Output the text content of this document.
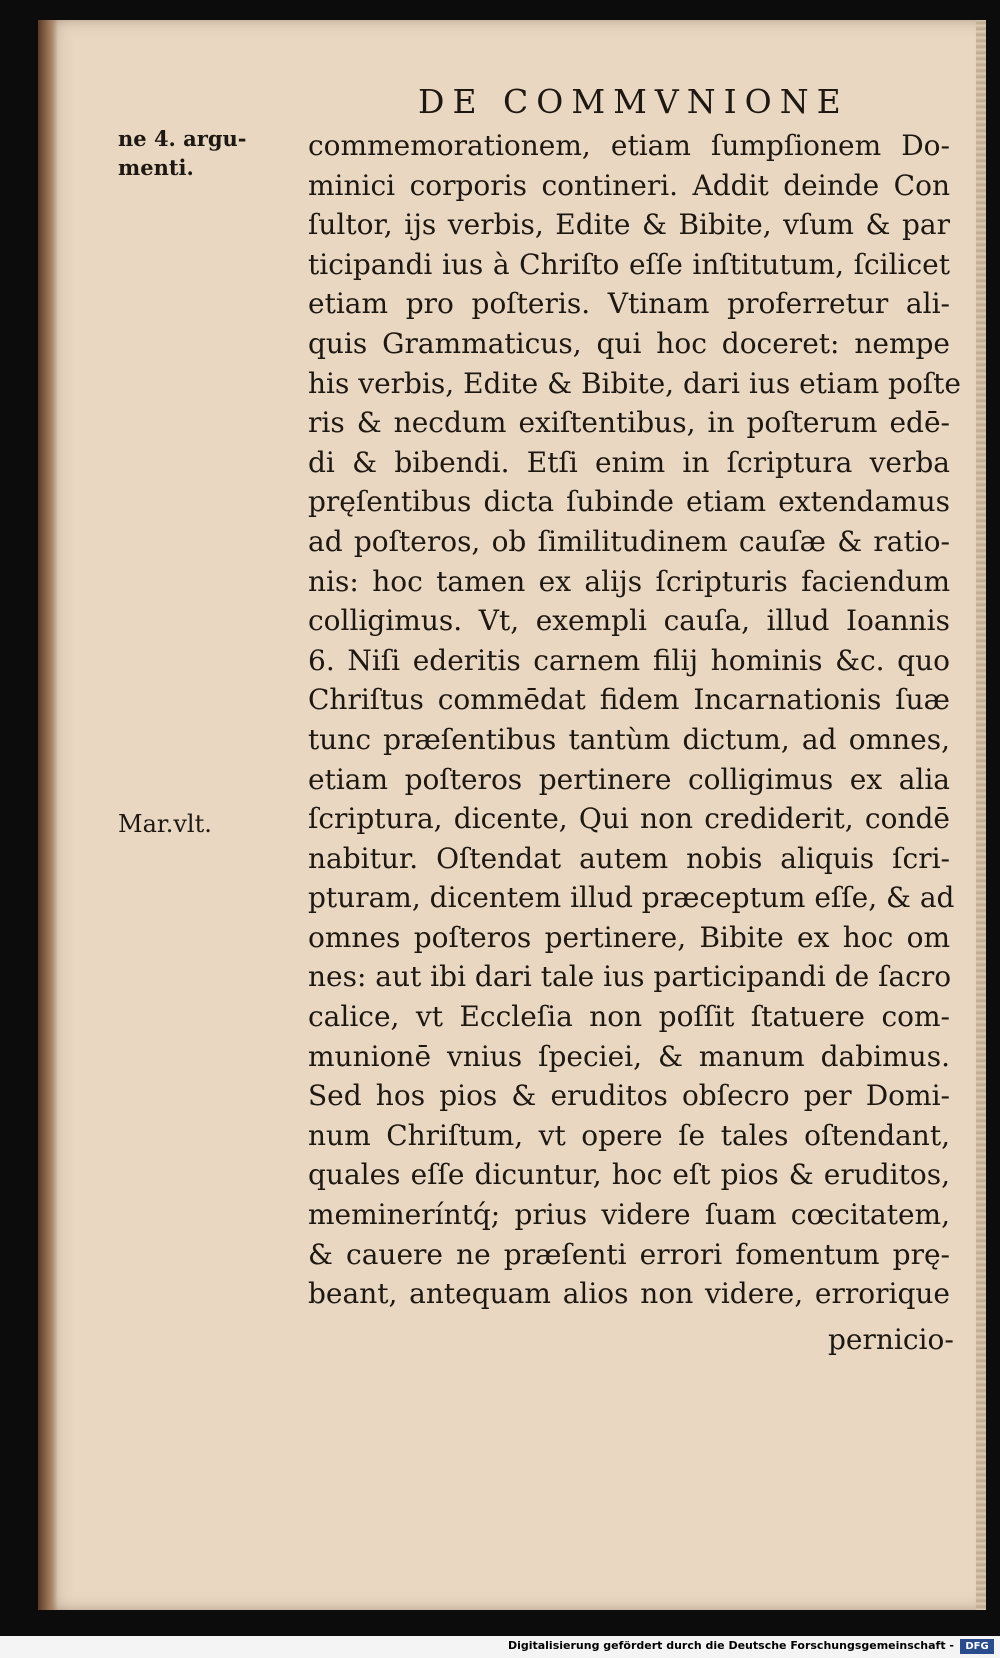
DE COMMVNIONE
ne 4. argu-
menti.
Mar.vlt.
commemorationem, etiam ſumpſionem Do-
minici corporis contineri. Addit deinde Con
ſultor, ijs verbis, Edite & Bibite, vſum & par
ticipandi ius à Chriſto eſſe inſtitutum, ſcilicet
etiam pro poſteris. Vtinam proferretur ali-
quis Grammaticus, qui hoc doceret: nempe
his verbis, Edite & Bibite, dari ius etiam poſte
ris & necdum exiſtentibus, in poſterum edē-
di & bibendi. Etſi enim in ſcriptura verba
pręſentibus dicta ſubinde etiam extendamus
ad poſteros, ob ſimilitudinem cauſæ & ratio-
nis: hoc tamen ex alijs ſcripturis faciendum
colligimus. Vt, exempli cauſa, illud Ioannis
6. Niſi ederitis carnem filij hominis &c. quo
Chriſtus commēdat fidem Incarnationis ſuæ
tunc præſentibus tantùm dictum, ad omnes,
etiam poſteros pertinere colligimus ex alia
ſcriptura, dicente, Qui non crediderit, condē
nabitur. Oſtendat autem nobis aliquis ſcri-
pturam, dicentem illud præceptum eſſe, & ad
omnes poſteros pertinere, Bibite ex hoc om
nes: aut ibi dari tale ius participandi de ſacro
calice, vt Eccleſia non poſſit ſtatuere com-
munionē vnius ſpeciei, & manum dabimus.
Sed hos pios & eruditos obſecro per Domi-
num Chriſtum, vt opere ſe tales oſtendant,
quales eſſe dicuntur, hoc eſt pios & eruditos,
memineríntq́; prius videre ſuam cœcitatem,
& cauere ne præſenti errori fomentum prę-
beant, antequam alios non videre, errorique
pernicio-
Digitalisierung gefördert durch die Deutsche Forschungsgemeinschaft -	DFG
